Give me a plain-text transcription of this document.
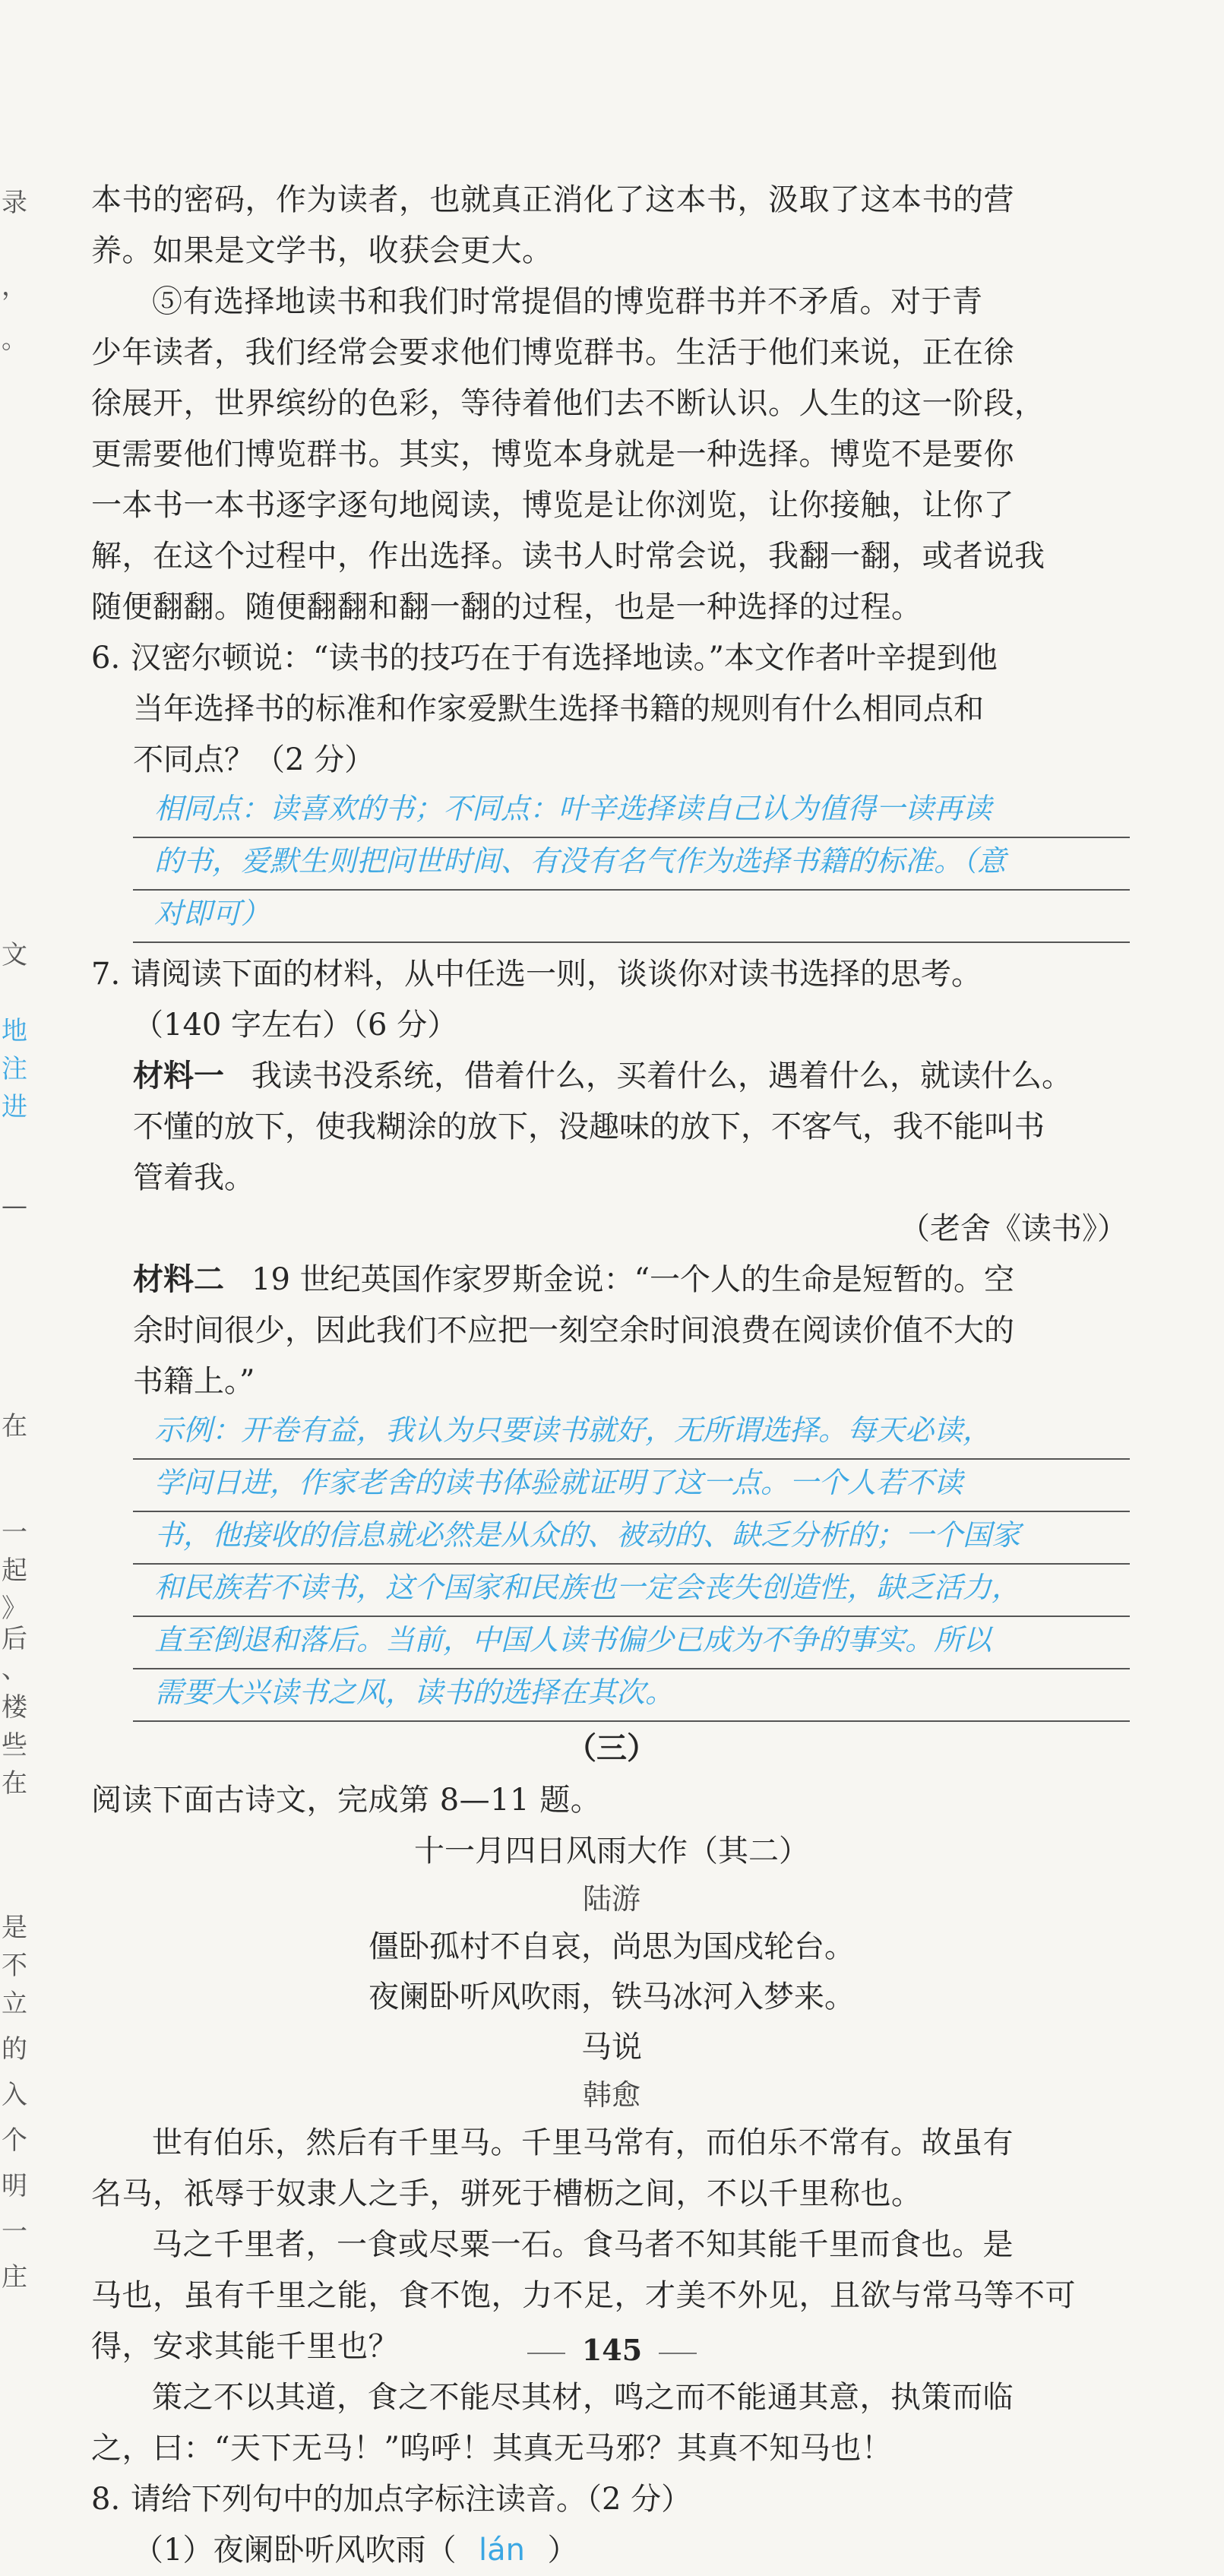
录
，
。
文
地
注
进
—
在
一
起
》
后
、
楼
些
在
是
不
立
的
入
个
明
一
庄

本书的密码，作为读者，也就真正消化了这本书，汲取了这本书的营

养。如果是文学书，收获会更大。

⑤有选择地读书和我们时常提倡的博览群书并不矛盾。对于青

少年读者，我们经常会要求他们博览群书。生活于他们来说，正在徐

徐展开，世界缤纷的色彩，等待着他们去不断认识。人生的这一阶段，

更需要他们博览群书。其实，博览本身就是一种选择。博览不是要你

一本书一本书逐字逐句地阅读，博览是让你浏览，让你接触，让你了

解，在这个过程中，作出选择。读书人时常会说，我翻一翻，或者说我

随便翻翻。随便翻翻和翻一翻的过程，也是一种选择的过程。

6. 汉密尔顿说：“读书的技巧在于有选择地读。”本文作者叶辛提到他

当年选择书的标准和作家爱默生选择书籍的规则有什么相同点和

不同点？（2 分）

相同点：读喜欢的书；不同点：叶辛选择读自己认为值得一读再读
的书，爱默生则把问世时间、有没有名气作为选择书籍的标准。（意
对即可）

7. 请阅读下面的材料，从中任选一则，谈谈你对读书选择的思考。

（140 字左右）（6 分）

材料一 我读书没系统，借着什么，买着什么，遇着什么，就读什么。

不懂的放下，使我糊涂的放下，没趣味的放下，不客气，我不能叫书

管着我。

（老舍《读书》）

材料二 19 世纪英国作家罗斯金说：“一个人的生命是短暂的。空

余时间很少，因此我们不应把一刻空余时间浪费在阅读价值不大的

书籍上。”

示例：开卷有益，我认为只要读书就好，无所谓选择。每天必读，
学问日进，作家老舍的读书体验就证明了这一点。一个人若不读
书，他接收的信息就必然是从众的、被动的、缺乏分析的；一个国家
和民族若不读书，这个国家和民族也一定会丧失创造性，缺乏活力，
直至倒退和落后。当前，中国人读书偏少已成为不争的事实。所以
需要大兴读书之风，读书的选择在其次。
（三）

阅读下面古诗文，完成第 8—11 题。

十一月四日风雨大作（其二）
陆游
僵卧孤村不自哀，尚思为国戍轮台。
夜阑卧听风吹雨，铁马冰河入梦来。
马说
韩愈

世有伯乐，然后有千里马。千里马常有，而伯乐不常有。故虽有

名马，祇辱于奴隶人之手，骈死于槽枥之间，不以千里称也。

马之千里者，一食或尽粟一石。食马者不知其能千里而食也。是

马也，虽有千里之能，食不饱，力不足，才美不外见，且欲与常马等不可

得，安求其能千里也？

策之不以其道，食之不能尽其材，鸣之而不能通其意，执策而临

之，曰：“天下无马！”呜呼！其真无马邪？其真不知马也！

8. 请给下列句中的加点字标注读音。（2 分）

（1）夜阑卧听风吹雨（ lán ）

145
